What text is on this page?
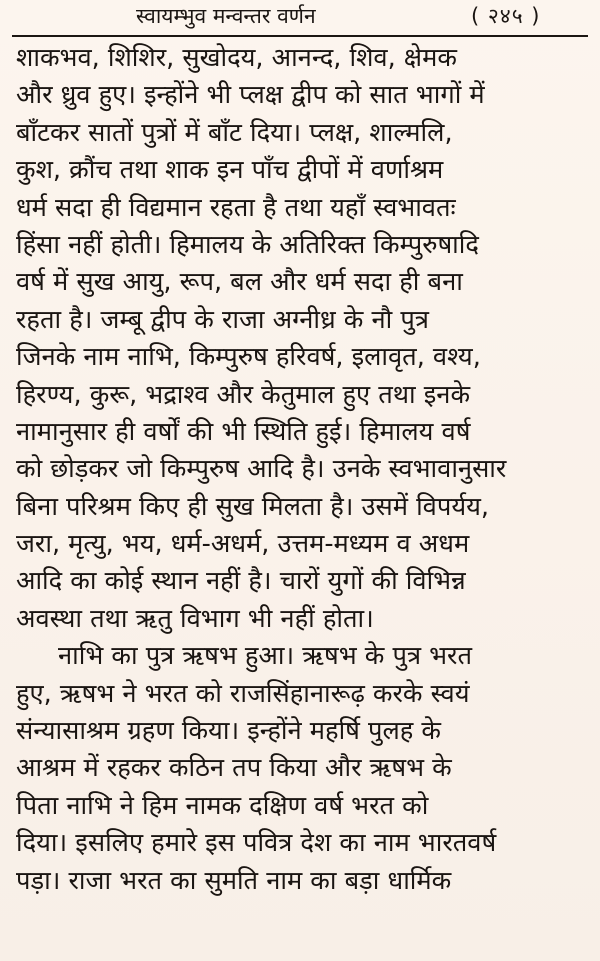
स्वायम्भुव मन्वन्तर वर्णन	( २४५ )
शाकभव, शिशिर, सुखोदय, आनन्द, शिव, क्षेमक
और ध्रुव हुए। इन्होंने भी प्लक्ष द्वीप को सात भागों में
बाँटकर सातों पुत्रों में बाँट दिया। प्लक्ष, शाल्मलि,
कुश, क्रौंच तथा शाक इन पाँच द्वीपों में वर्णाश्रम
धर्म सदा ही विद्यमान रहता है तथा यहाँ स्वभावतः
हिंसा नहीं होती। हिमालय के अतिरिक्त किम्पुरुषादि
वर्ष में सुख आयु, रूप, बल और धर्म सदा ही बना
रहता है। जम्बू द्वीप के राजा अग्नीध्र के नौ पुत्र
जिनके नाम नाभि, किम्पुरुष हरिवर्ष, इलावृत, वश्य,
हिरण्य, कुरू, भद्राश्व और केतुमाल हुए तथा इनके
नामानुसार ही वर्षों की भी स्थिति हुई। हिमालय वर्ष
को छोड़कर जो किम्पुरुष आदि है। उनके स्वभावानुसार
बिना परिश्रम किए ही सुख मिलता है। उसमें विपर्यय,
जरा, मृत्यु, भय, धर्म-अधर्म, उत्तम-मध्यम व अधम
आदि का कोई स्थान नहीं है। चारों युगों की विभिन्न
अवस्था तथा ऋतु विभाग भी नहीं होता।
नाभि का पुत्र ऋषभ हुआ। ऋषभ के पुत्र भरत
हुए, ऋषभ ने भरत को राजसिंहानारूढ़ करके स्वयं
संन्यासाश्रम ग्रहण किया। इन्होंने महर्षि पुलह के
आश्रम में रहकर कठिन तप किया और ऋषभ के
पिता नाभि ने हिम नामक दक्षिण वर्ष भरत को
दिया। इसलिए हमारे इस पवित्र देश का नाम भारतवर्ष
पड़ा। राजा भरत का सुमति नाम का बड़ा धार्मिक
